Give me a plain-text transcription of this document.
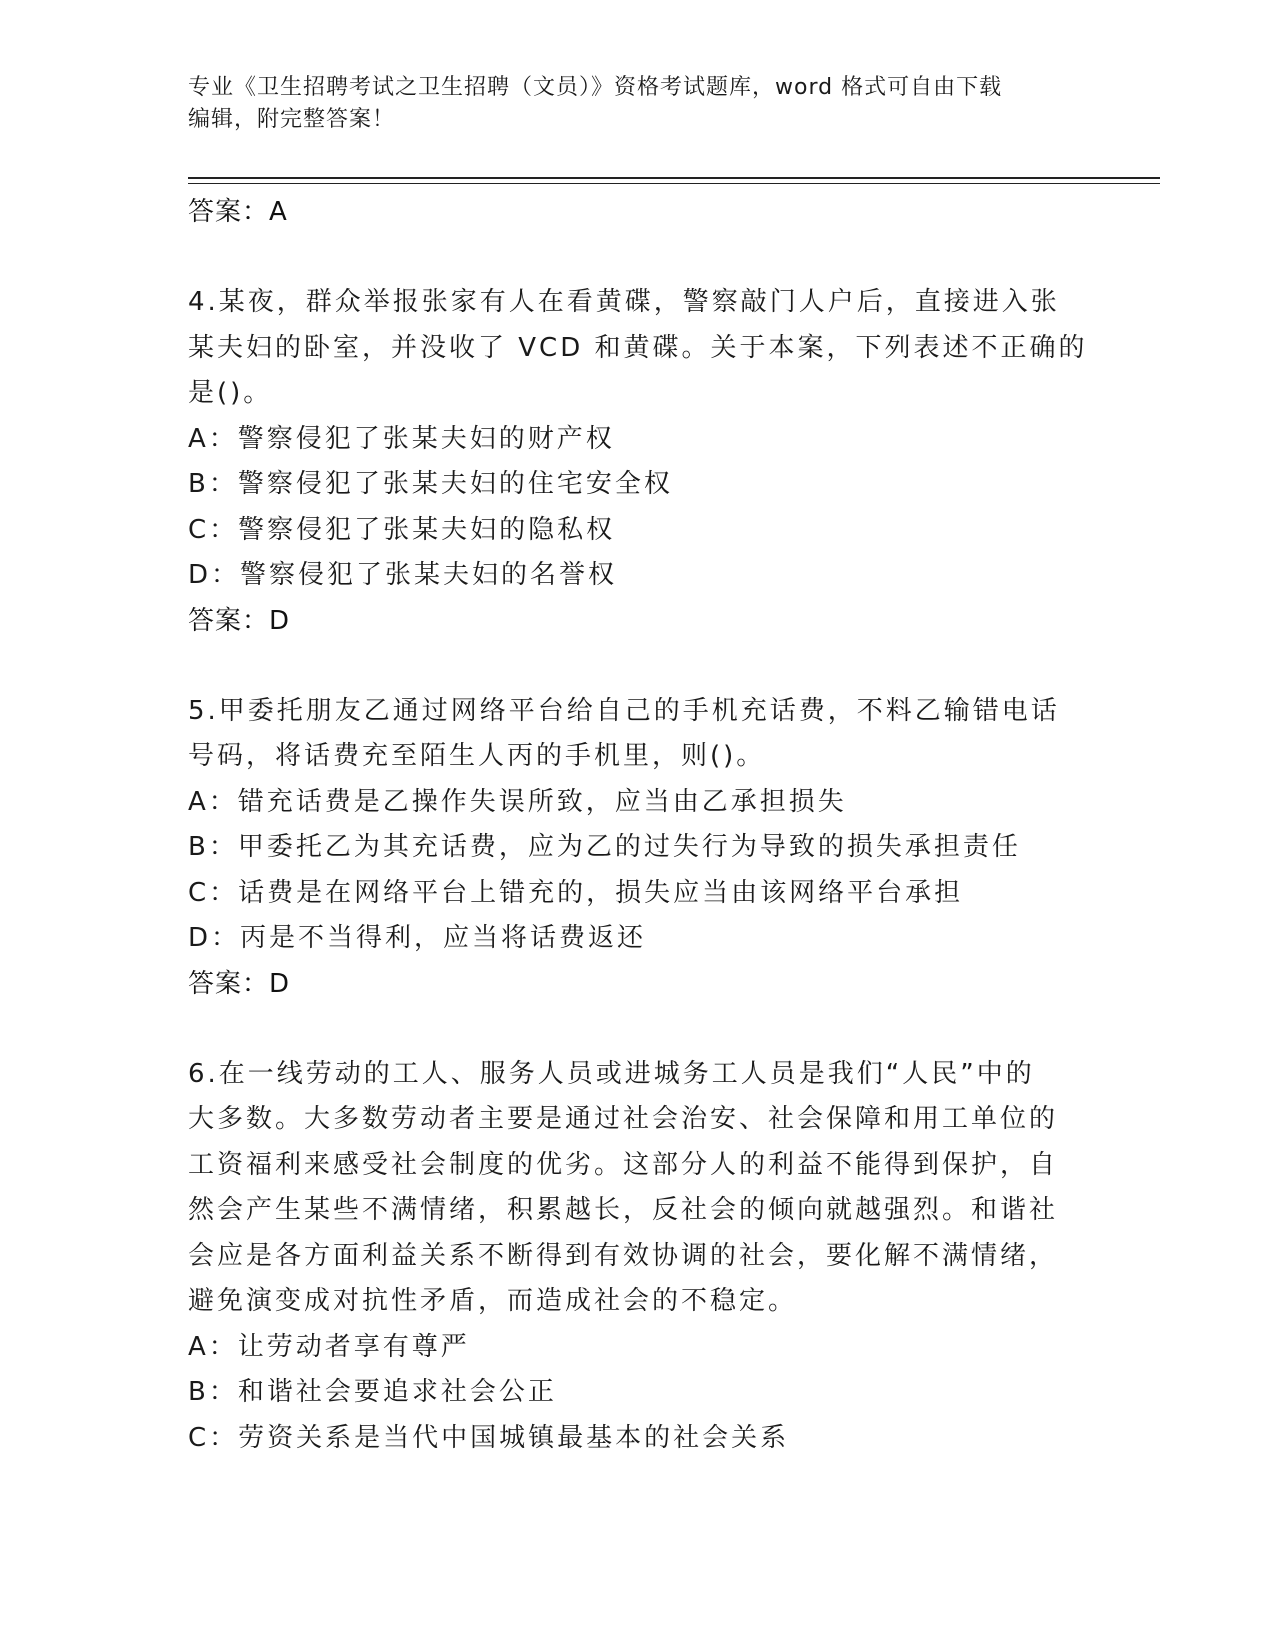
专业《卫生招聘考试之卫生招聘（文员）》资格考试题库，word 格式可自由下载
编辑，附完整答案！
答案：A
4.某夜，群众举报张家有人在看黄碟，警察敲门人户后，直接进入张
某夫妇的卧室，并没收了 VCD 和黄碟。关于本案，下列表述不正确的
是()。
A：警察侵犯了张某夫妇的财产权
B：警察侵犯了张某夫妇的住宅安全权
C：警察侵犯了张某夫妇的隐私权
D：警察侵犯了张某夫妇的名誉权
答案：D
5.甲委托朋友乙通过网络平台给自己的手机充话费，不料乙输错电话
号码，将话费充至陌生人丙的手机里，则()。
A：错充话费是乙操作失误所致，应当由乙承担损失
B：甲委托乙为其充话费，应为乙的过失行为导致的损失承担责任
C：话费是在网络平台上错充的，损失应当由该网络平台承担
D：丙是不当得利，应当将话费返还
答案：D
6.在一线劳动的工人、服务人员或进城务工人员是我们“人民”中的
大多数。大多数劳动者主要是通过社会治安、社会保障和用工单位的
工资福利来感受社会制度的优劣。这部分人的利益不能得到保护，自
然会产生某些不满情绪，积累越长，反社会的倾向就越强烈。和谐社
会应是各方面利益关系不断得到有效协调的社会，要化解不满情绪，
避免演变成对抗性矛盾，而造成社会的不稳定。
A：让劳动者享有尊严
B：和谐社会要追求社会公正
C：劳资关系是当代中国城镇最基本的社会关系
